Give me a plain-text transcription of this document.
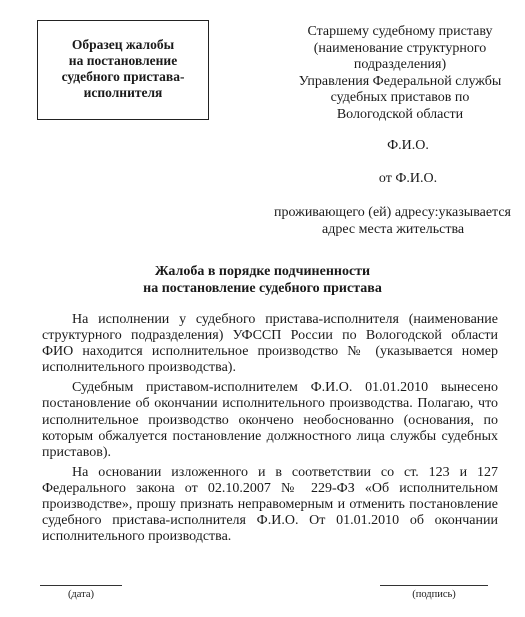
Образец жалобы
на постановление
судебного пристава-
исполнителя
Старшему судебному приставу
(наименование структурного
подразделения)
Управления Федеральной службы
судебных приставов по
Вологодской области
Ф.И.О.
от Ф.И.О.
проживающего (ей) адресу:указывается
адрес места жительства
Жалоба в порядке подчиненности
на постановление судебного пристава

На исполнении у судебного пристава-исполнителя (наименование структурного подразделения) УФССП России по Вологодской области ФИО находится исполнительное производство № (указывается номер исполнительного производства).

Судебным приставом-исполнителем Ф.И.О. 01.01.2010 вынесено постановление об окончании исполнительного производства. Полагаю, что исполнительное производство окончено необоснованно (основания, по которым обжалуется постановление должностного лица службы судебных приставов).

На основании изложенного и в соответствии со ст. 123 и 127 Федерального закона от 02.10.2007 № 229-ФЗ «Об исполнительном производстве», прошу признать неправомерным и отменить постановление судебного пристава-исполнителя Ф.И.О. От 01.01.2010 об окончании исполнительного производства.

(дата)	(подпись)
